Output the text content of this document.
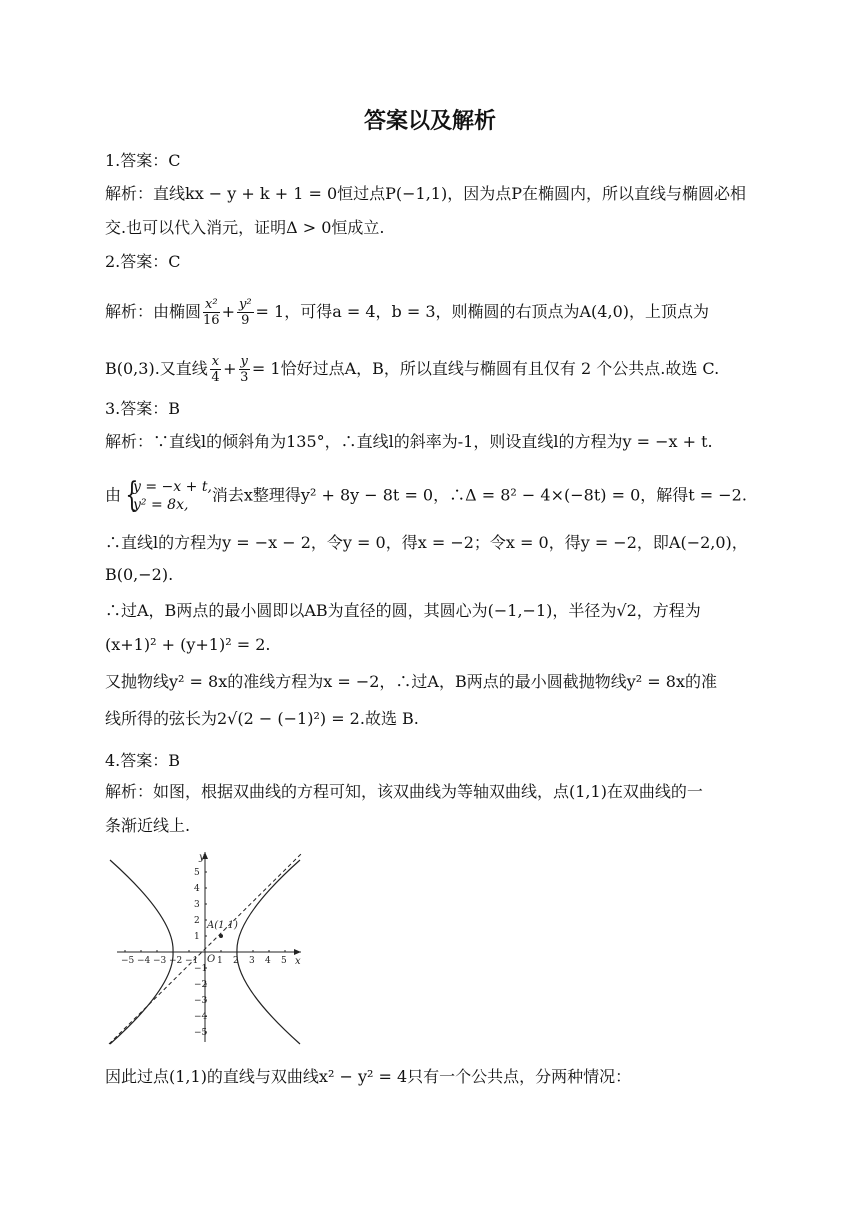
答案以及解析
1.答案：C
解析：直线kx − y + k + 1 = 0恒过点P(−1,1)，因为点P在椭圆内，所以直线与椭圆必相
交.也可以代入消元，证明Δ > 0恒成立.
2.答案：C
解析：由椭圆 $\frac{\text{x²}}{16} + \frac{\text{y²}}{9} = 1$，可得a = 4，b = 3，则椭圆的右顶点为A(4,0)，上顶点为
B(0,3).又直线 $\frac{x}{4} + \frac{y}{3} = 1$恰好过点A，B，所以直线与椭圆有且仅有 2 个公共点.故选 C.
3.答案：B
解析：∵直线l的倾斜角为135°，∴直线l的斜率为-1，则设直线l的方程为y = −x + t.
由 {
y = −x + t,
y² = 8x,
消去x整理得y² + 8y − 8t = 0，∴Δ = 8² − 4×(−8t) = 0，解得t = −2.
∴直线l的方程为y = −x − 2，令y = 0，得x = −2；令x = 0，得y = −2，即A(−2,0)，
B(0,−2).
∴过A，B两点的最小圆即以AB为直径的圆，其圆心为(−1,−1)，半径为√2，方程为
(x+1)² + (y+1)² = 2.
又抛物线y² = 8x的准线方程为x = −2，∴过A，B两点的最小圆截抛物线y² = 8x的准
线所得的弦长为2√(2 − (−1)²) = 2.故选 B.
4.答案：B
解析：如图，根据双曲线的方程可知，该双曲线为等轴双曲线，点(1,1)在双曲线的一
条渐近线上.
y
x
O
−5 −4 −3 −2 −1 1 2 3 4 5
5
4
3
2
1
−1
−2
−3
−4
−5
A(1,1)
因此过点(1,1)的直线与双曲线x² − y² = 4只有一个公共点，分两种情况：
